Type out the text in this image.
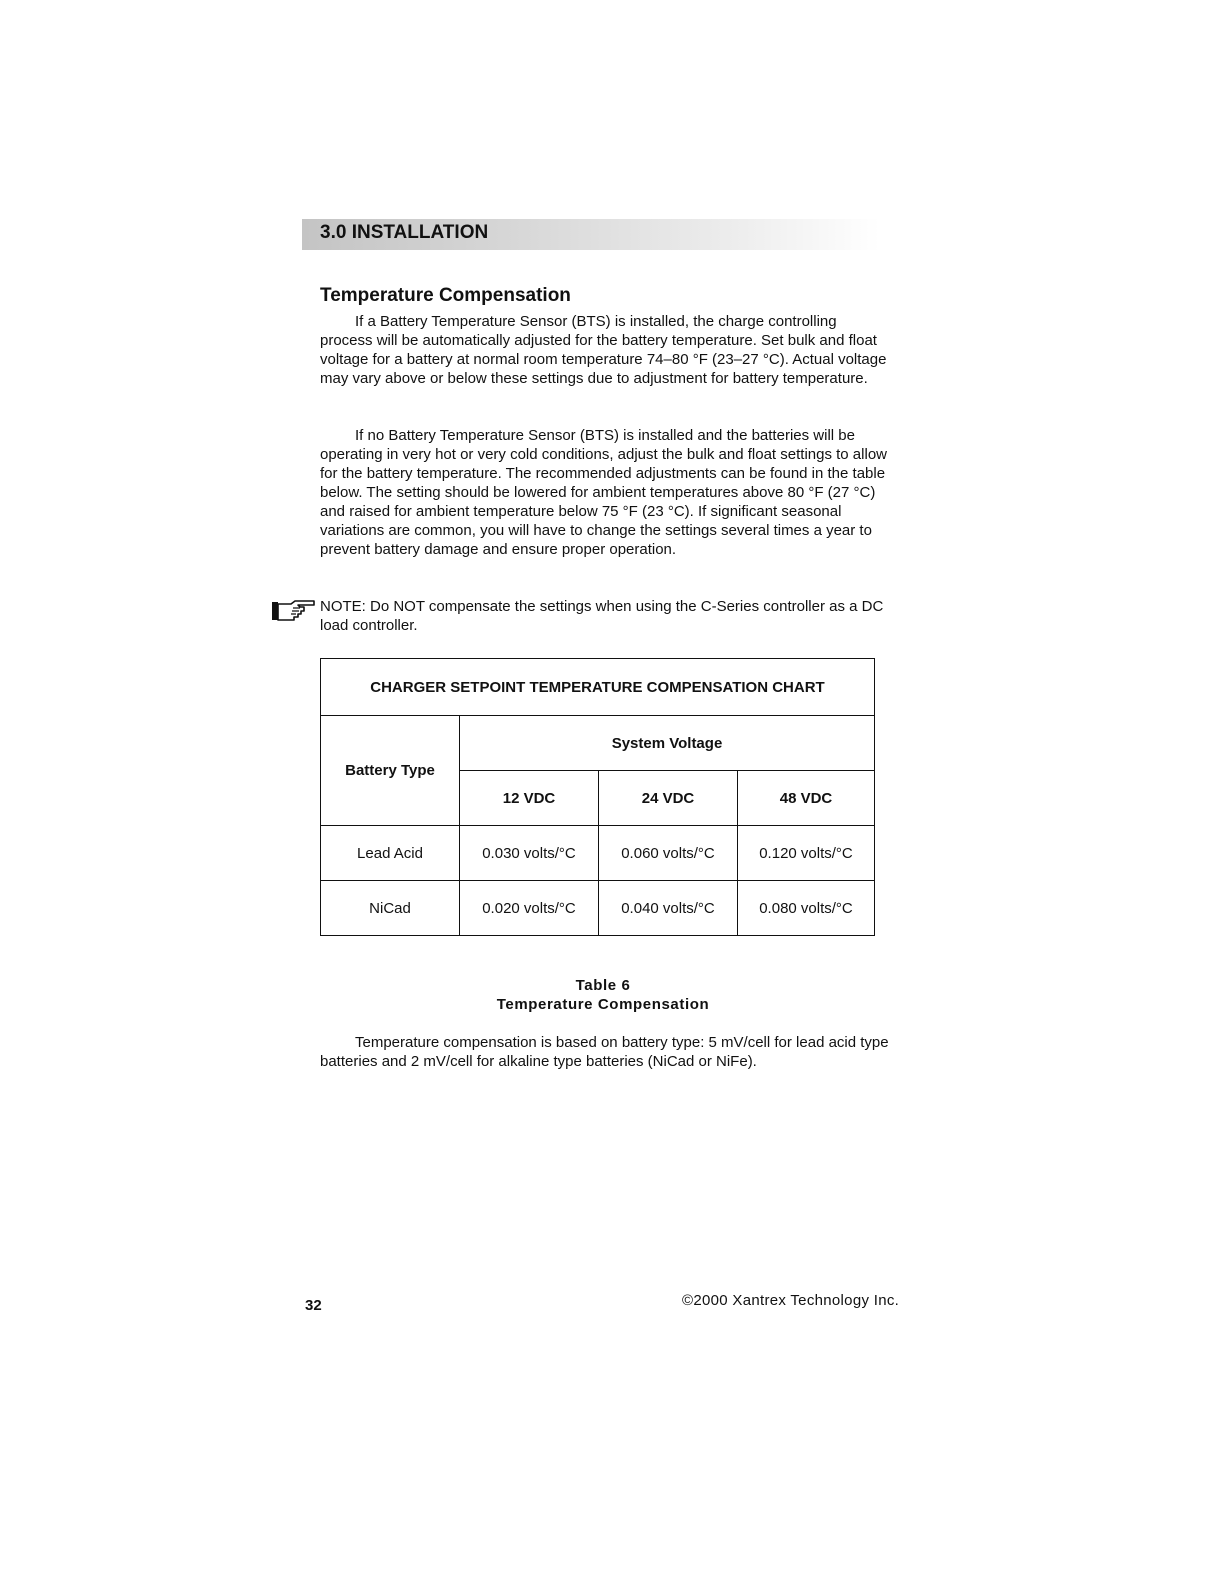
3.0 INSTALLATION
Temperature Compensation

If a Battery Temperature Sensor (BTS) is installed, the charge controlling process will be automatically adjusted for the battery temperature. Set bulk and float voltage for a battery at normal room temperature 74–80 °F (23–27 °C). Actual voltage may vary above or below these settings due to adjustment for battery temperature.

If no Battery Temperature Sensor (BTS) is installed and the batteries will be operating in very hot or very cold conditions, adjust the bulk and float settings to allow for the battery temperature. The recommended adjustments can be found in the table below. The setting should be lowered for ambient temperatures above 80 °F (27 °C) and raised for ambient temperature below 75 °F (23 °C). If significant seasonal variations are common, you will have to change the settings several times a year to prevent battery damage and ensure proper operation.

NOTE: Do NOT compensate the settings when using the C-Series controller as a DC load controller.

CHARGER SETPOINT TEMPERATURE COMPENSATION CHART			
Battery Type	System Voltage		
	12 VDC	24 VDC	48 VDC
Lead Acid	0.030 volts/°C	0.060 volts/°C	0.120 volts/°C
NiCad	0.020 volts/°C	0.040 volts/°C	0.080 volts/°C

Table 6

Temperature Compensation

Temperature compensation is based on battery type: 5 mV/cell for lead acid type batteries and 2 mV/cell for alkaline type batteries (NiCad or NiFe).

32	©2000 Xantrex Technology Inc.
